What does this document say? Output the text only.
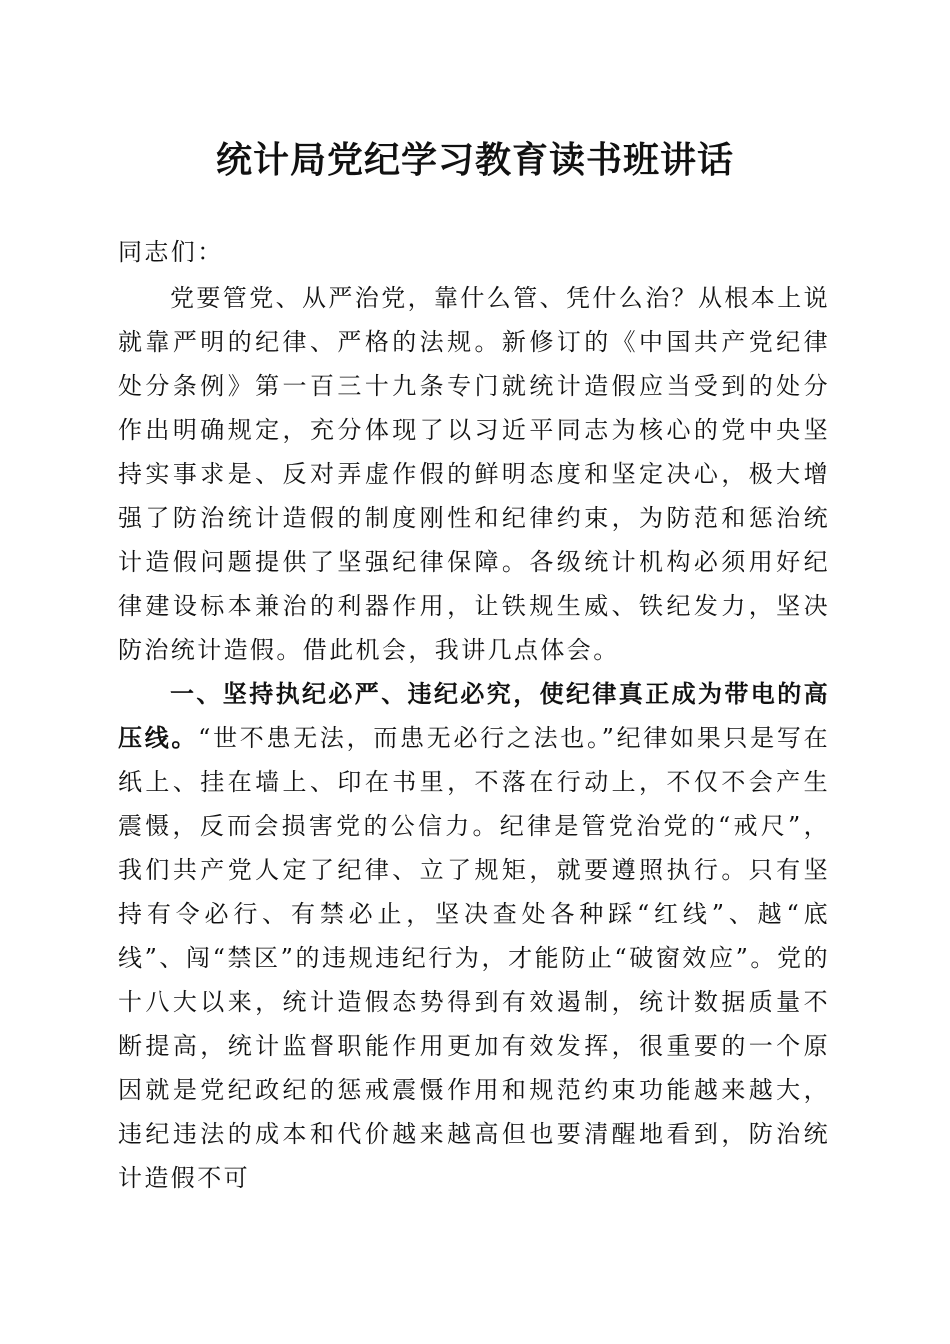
统计局党纪学习教育读书班讲话

同志们：

党要管党、从严治党，靠什么管、凭什么治？从根本上说就靠严明的纪律、严格的法规。新修订的《中国共产党纪律处分条例》第一百三十九条专门就统计造假应当受到的处分作出明确规定，充分体现了以习近平同志为核心的党中央坚持实事求是、反对弄虚作假的鲜明态度和坚定决心，极大增强了防治统计造假的制度刚性和纪律约束，为防范和惩治统计造假问题提供了坚强纪律保障。各级统计机构必须用好纪律建设标本兼治的利器作用，让铁规生威、铁纪发力，坚决防治统计造假。借此机会，我讲几点体会。

一、坚持执纪必严、违纪必究，使纪律真正成为带电的高压线。“世不患无法，而患无必行之法也。”纪律如果只是写在纸上、挂在墙上、印在书里，不落在行动上，不仅不会产生震慑，反而会损害党的公信力。纪律是管党治党的“戒尺”，我们共产党人定了纪律、立了规矩，就要遵照执行。只有坚持有令必行、有禁必止，坚决查处各种踩“红线”、越“底线”、闯“禁区”的违规违纪行为，才能防止“破窗效应”。党的十八大以来，统计造假态势得到有效遏制，统计数据质量不断提高，统计监督职能作用更加有效发挥，很重要的一个原因就是党纪政纪的惩戒震慑作用和规范约束功能越来越大，违纪违法的成本和代价越来越高但也要清醒地看到，防治统计造假不可
